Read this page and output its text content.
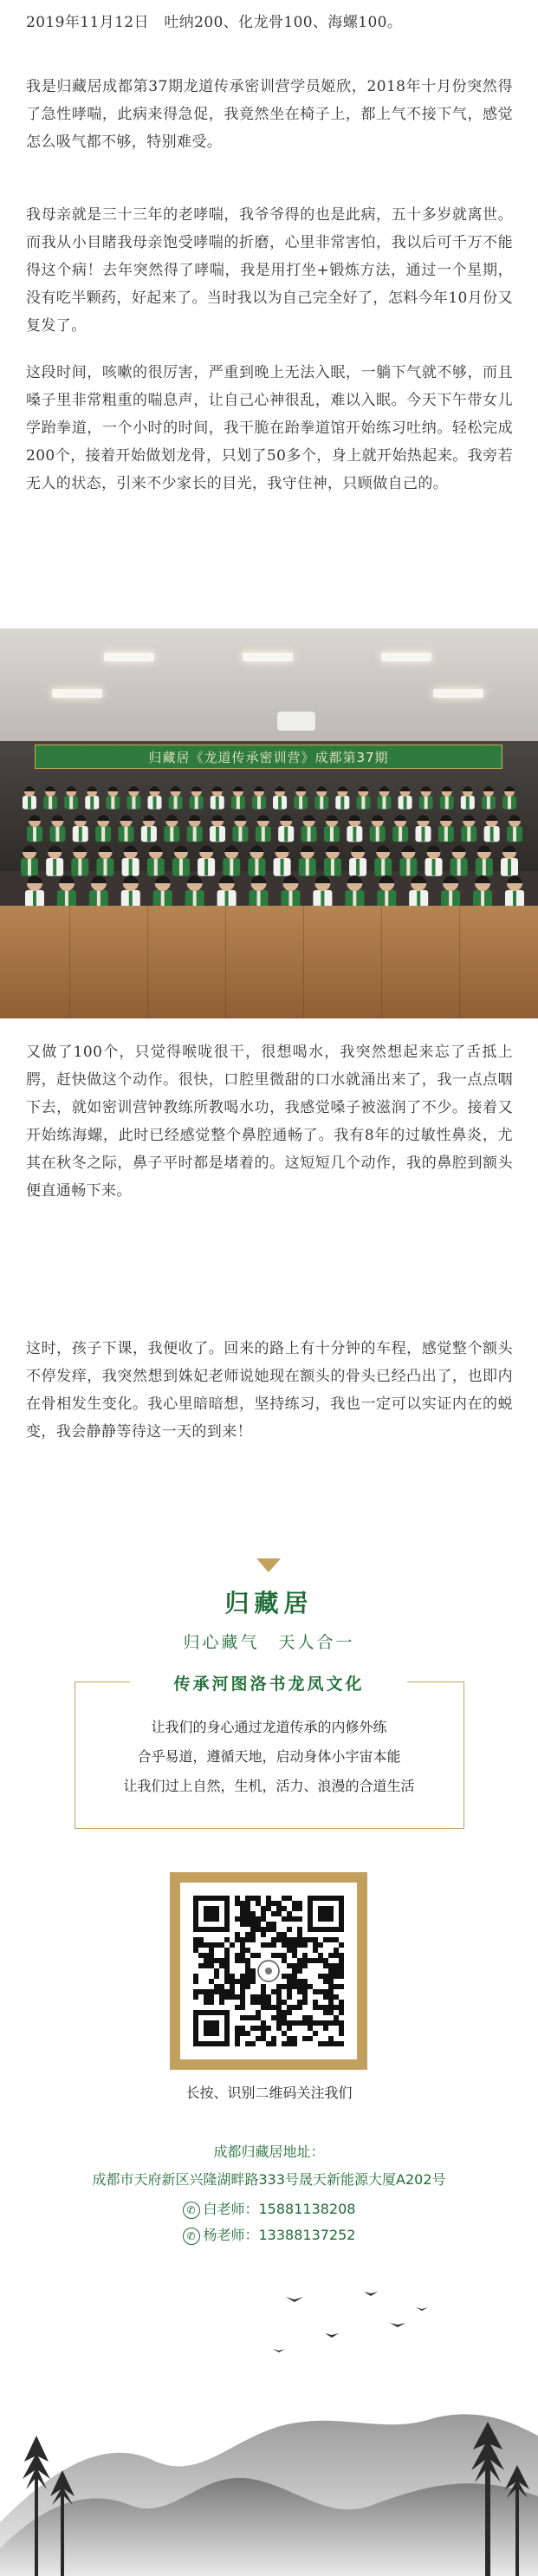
2019年11月12日　吐纳200、化龙骨100、海螺100。

我是归藏居成都第37期龙道传承密训营学员姬欣，2018年十月份突然得了急性哮喘，此病来得急促，我竟然坐在椅子上，都上气不接下气，感觉怎么吸气都不够，特别难受。

我母亲就是三十三年的老哮喘，我爷爷得的也是此病，五十多岁就离世。而我从小目睹我母亲饱受哮喘的折磨，心里非常害怕，我以后可千万不能得这个病！去年突然得了哮喘，我是用打坐+锻炼方法，通过一个星期，没有吃半颗药，好起来了。当时我以为自己完全好了，怎料今年10月份又复发了。

这段时间，咳嗽的很厉害，严重到晚上无法入眠，一躺下气就不够，而且嗓子里非常粗重的喘息声，让自己心神很乱，难以入眠。今天下午带女儿学跆拳道，一个小时的时间，我干脆在跆拳道馆开始练习吐纳。轻松完成200个，接着开始做划龙骨，只划了50多个，身上就开始热起来。我旁若无人的状态，引来不少家长的目光，我守住神，只顾做自己的。

归藏居《龙道传承密训营》成都第37期

又做了100个，只觉得喉咙很干，很想喝水，我突然想起来忘了舌抵上腭，赶快做这个动作。很快，口腔里微甜的口水就涌出来了，我一点点咽下去，就如密训营钟教练所教喝水功，我感觉嗓子被滋润了不少。接着又开始练海螺，此时已经感觉整个鼻腔通畅了。我有8年的过敏性鼻炎，尤其在秋冬之际，鼻子平时都是堵着的。这短短几个动作，我的鼻腔到额头便直通畅下来。

这时，孩子下课，我便收了。回来的路上有十分钟的车程，感觉整个额头不停发痒，我突然想到姝妃老师说她现在额头的骨头已经凸出了，也即内在骨相发生变化。我心里暗暗想，坚持练习，我也一定可以实证内在的蜕变，我会静静等待这一天的到来！

归藏居
归心藏气　天人合一
传承河图洛书龙凤文化
让我们的身心通过龙道传承的内修外练
合乎易道，遵循天地，启动身体小宇宙本能
让我们过上自然，生机，活力、浪漫的合道生活
长按、识别二维码关注我们
成都归藏居地址：
成都市天府新区兴隆湖畔路333号晟天新能源大厦A202号
✆ 白老师：15881138208
✆ 杨老师：13388137252
